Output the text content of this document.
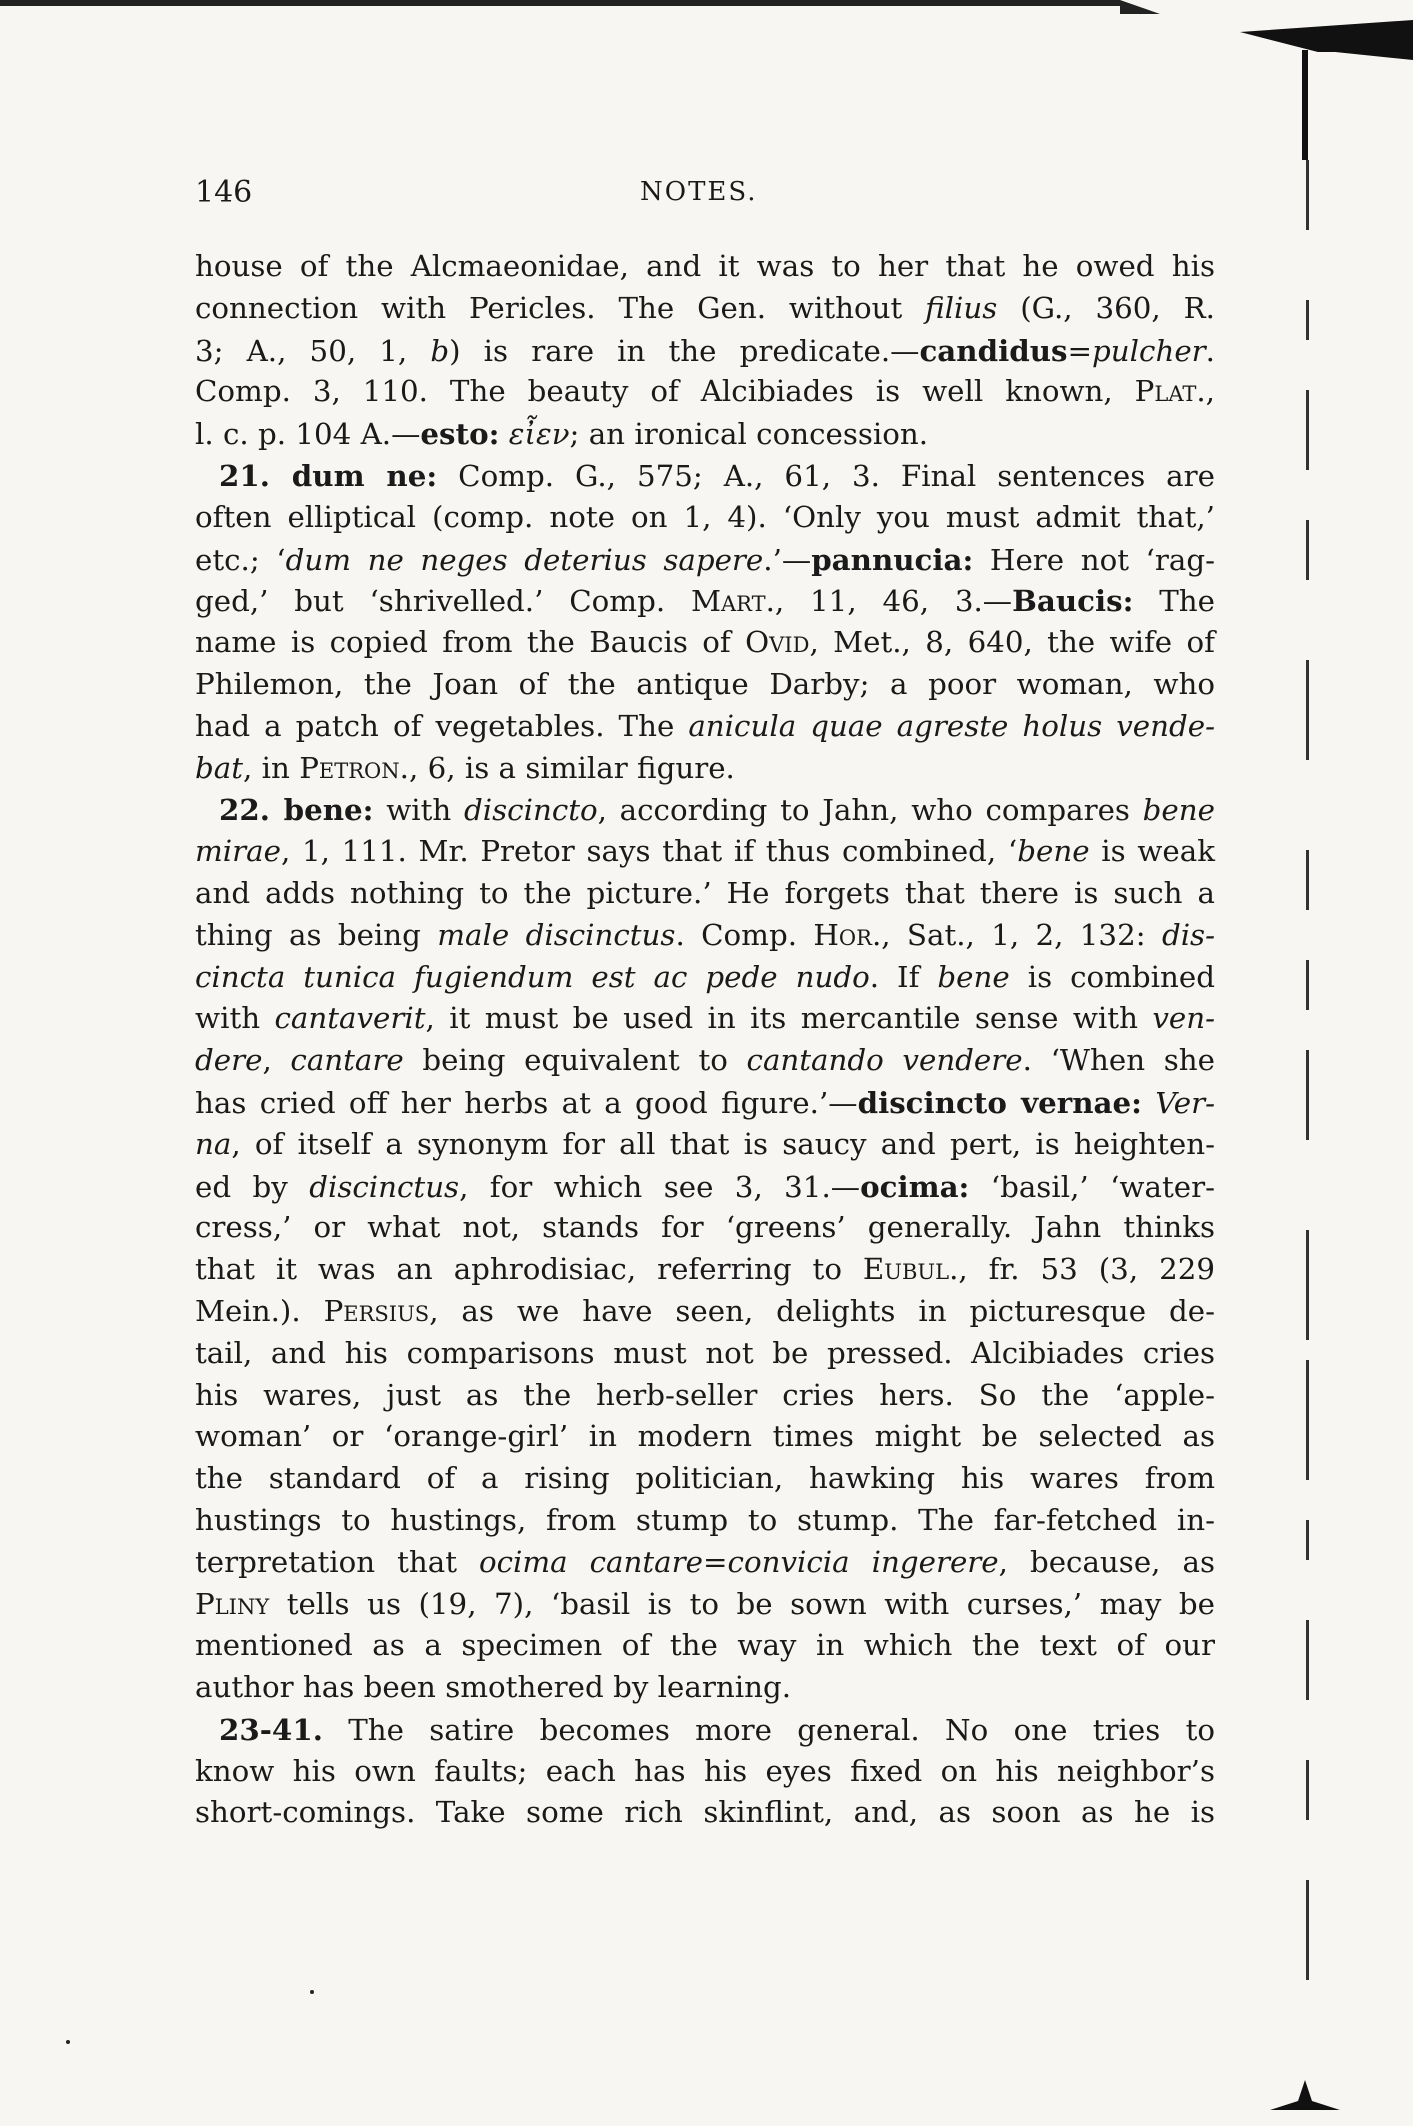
146	NOTES.
house of the Alcmaeonidae, and it was to her that he owed his
connection with Pericles. The Gen. without filius (G., 360, R.
3; A., 50, 1, b) is rare in the predicate.—candidus=pulcher.
Comp. 3, 110. The beauty of Alcibiades is well known, Plat.,
l. c. p. 104 A.—esto: εἶεν; an ironical concession.
21. dum ne: Comp. G., 575; A., 61, 3. Final sentences are
often elliptical (comp. note on 1, 4). ‘Only you must admit that,’
etc.; ‘dum ne neges deterius sapere.’—pannucia: Here not ‘rag-
ged,’ but ‘shrivelled.’ Comp. Mart., 11, 46, 3.—Baucis: The
name is copied from the Baucis of Ovid, Met., 8, 640, the wife of
Philemon, the Joan of the antique Darby; a poor woman, who
had a patch of vegetables. The anicula quae agreste holus vende-
bat, in Petron., 6, is a similar figure.
22. bene: with discincto, according to Jahn, who compares bene
mirae, 1, 111. Mr. Pretor says that if thus combined, ‘bene is weak
and adds nothing to the picture.’ He forgets that there is such a
thing as being male discinctus. Comp. Hor., Sat., 1, 2, 132: dis-
cincta tunica fugiendum est ac pede nudo. If bene is combined
with cantaverit, it must be used in its mercantile sense with ven-
dere, cantare being equivalent to cantando vendere. ‘When she
has cried off her herbs at a good figure.’—discincto vernae: Ver-
na, of itself a synonym for all that is saucy and pert, is heighten-
ed by discinctus, for which see 3, 31.—ocima: ‘basil,’ ‘water-
cress,’ or what not, stands for ‘greens’ generally. Jahn thinks
that it was an aphrodisiac, referring to Eubul., fr. 53 (3, 229
Mein.). Persius, as we have seen, delights in picturesque de-
tail, and his comparisons must not be pressed. Alcibiades cries
his wares, just as the herb-seller cries hers. So the ‘apple-
woman’ or ‘orange-girl’ in modern times might be selected as
the standard of a rising politician, hawking his wares from
hustings to hustings, from stump to stump. The far-fetched in-
terpretation that ocima cantare=convicia ingerere, because, as
Pliny tells us (19, 7), ‘basil is to be sown with curses,’ may be
mentioned as a specimen of the way in which the text of our
author has been smothered by learning.
23-41. The satire becomes more general. No one tries to
know his own faults; each has his eyes fixed on his neighbor’s
short-comings. Take some rich skinflint, and, as soon as he is
